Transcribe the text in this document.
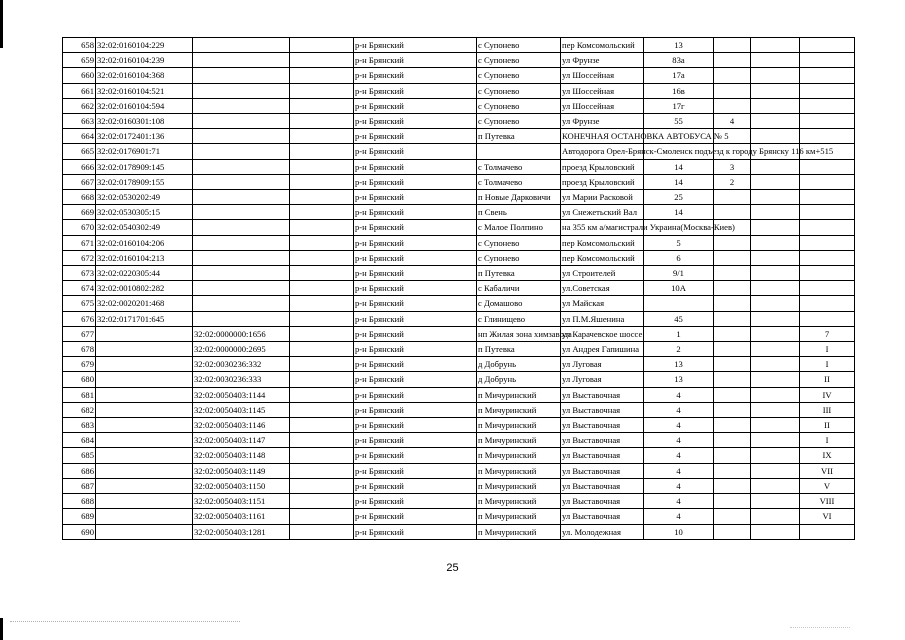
658	32:02:0160104:229			р-н Брянский	с Супонево	пер Комсомольский	13			
659	32:02:0160104:239			р-н Брянский	с Супонево	ул Фрунзе	83а			
660	32:02:0160104:368			р-н Брянский	с Супонево	ул Шоссейная	17а			
661	32:02:0160104:521			р-н Брянский	с Супонево	ул Шоссейная	16в			
662	32:02:0160104:594			р-н Брянский	с Супонево	ул Шоссейная	17г			
663	32:02:0160301:108			р-н Брянский	с Супонево	ул Фрунзе	55	4		
664	32:02:0172401:136			р-н Брянский	п Путевка	КОНЕЧНАЯ ОСТАНОВКА АВТОБУСА № 5				
665	32:02:0176901:71			р-н Брянский		Автодорога Орел-Брянск-Смоленск подъезд к городу Брянску 116 км+515				
666	32:02:0178909:145			р-н Брянский	с Толмачево	проезд Крыловский	14	3		
667	32:02:0178909:155			р-н Брянский	с Толмачево	проезд Крыловский	14	2		
668	32:02:0530202:49			р-н Брянский	п Новые Дарковичи	ул Марии Расковой	25			
669	32:02:0530305:15			р-н Брянский	п Свень	ул Снежетьский Вал	14			
670	32:02:0540302:49			р-н Брянский	с Малое Полпино	на 355 км а/магистрали Украина(Москва-Киев)				
671	32:02:0160104:206			р-н Брянский	с Супонево	пер Комсомольский	5			
672	32:02:0160104:213			р-н Брянский	с Супонево	пер Комсомольский	6			
673	32:02:0220305:44			р-н Брянский	п Путевка	ул Строителей	9/1			
674	32:02:0010802:282			р-н Брянский	с Кабаличи	ул.Советская	10А			
675	32:02:0020201:468			р-н Брянский	с Домашово	ул Майская				
676	32:02:0171701:645			р-н Брянский	с Глинищево	ул П.М.Яшенина	45			
677		32:02:0000000:1656		р-н Брянский	нп Жилая зона химзавода	ул Карачевское шоссе	1			7
678		32:02:0000000:2695		р-н Брянский	п Путевка	ул Андрея Гапишина	2			I
679		32:02:0030236:332		р-н Брянский	д Добрунь	ул Луговая	13			I
680		32:02:0030236:333		р-н Брянский	д Добрунь	ул Луговая	13			II
681		32:02:0050403:1144		р-н Брянский	п Мичуринский	ул Выставочная	4			IV
682		32:02:0050403:1145		р-н Брянский	п Мичуринский	ул Выставочная	4			III
683		32:02:0050403:1146		р-н Брянский	п Мичуринский	ул Выставочная	4			II
684		32:02:0050403:1147		р-н Брянский	п Мичуринский	ул Выставочная	4			I
685		32:02:0050403:1148		р-н Брянский	п Мичуринский	ул Выставочная	4			IX
686		32:02:0050403:1149		р-н Брянский	п Мичуринский	ул Выставочная	4			VII
687		32:02:0050403:1150		р-н Брянский	п Мичуринский	ул Выставочная	4			V
688		32:02:0050403:1151		р-н Брянский	п Мичуринский	ул Выставочная	4			VIII
689		32:02:0050403:1161		р-н Брянский	п Мичуринский	ул Выставочная	4			VI
690		32:02:0050403:1281		р-н Брянский	п Мичуринский	ул. Молодежная	10			
25
